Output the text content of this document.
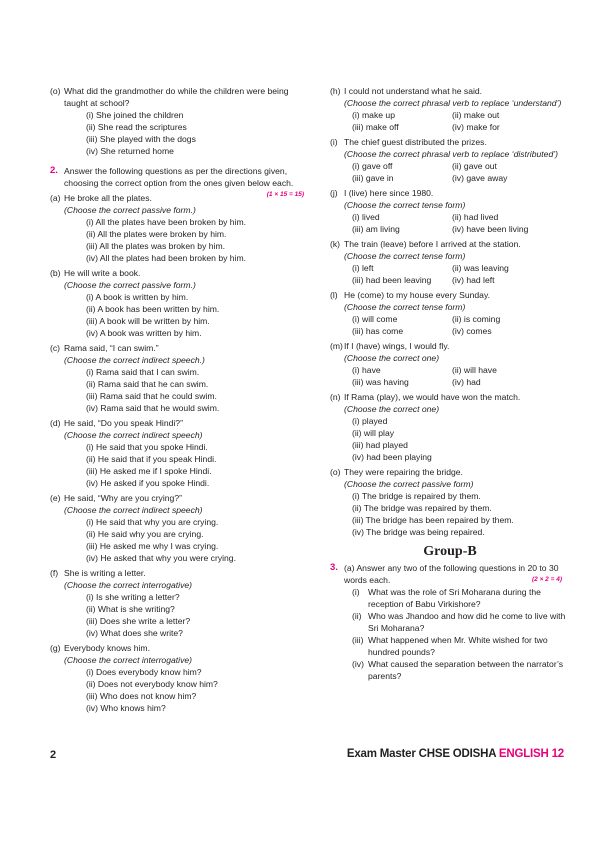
(o) What did the grandmother do while the children were being taught at school?
(i) She joined the children
(ii) She read the scriptures
(iii) She played with the dogs
(iv) She returned home
2. Answer the following questions as per the directions given, choosing the correct option from the ones given below each.
(1 × 15 = 15)
(a) He broke all the plates.
(Choose the correct passive form.)
(i) All the plates have been broken by him.
(ii) All the plates were broken by him.
(iii) All the plates was broken by him.
(iv) All the plates had been broken by him.
(b) He will write a book.
(Choose the correct passive form.)
(i) A book is written by him.
(ii) A book has been written by him.
(iii) A book will be written by him.
(iv) A book was written by him.
(c) Rama said, “I can swim.”
(Choose the correct indirect speech.)
(i) Rama said that I can swim.
(ii) Rama said that he can swim.
(iii) Rama said that he could swim.
(iv) Rama said that he would swim.
(d) He said, “Do you speak Hindi?”
(Choose the correct indirect speech)
(i) He said that you spoke Hindi.
(ii) He said that if you speak Hindi.
(iii) He asked me if I spoke Hindi.
(iv) He asked if you spoke Hindi.
(e) He said, “Why are you crying?”
(Choose the correct indirect speech)
(i) He said that why you are crying.
(ii) He said why you are crying.
(iii) He asked me why I was crying.
(iv) He asked that why you were crying.
(f) She is writing a letter.
(Choose the correct interrogative)
(i) Is she writing a letter?
(ii) What is she writing?
(iii) Does she write a letter?
(iv) What does she write?
(g) Everybody knows him.
(Choose the correct interrogative)
(i) Does everybody know him?
(ii) Does not everybody know him?
(iii) Who does not know him?
(iv) Who knows him?
(h) I could not understand what he said.
(Choose the correct phrasal verb to replace ‘understand’)
(i) make up	(ii) make out
(iii) make off	(iv) make for
(i) The chief guest distributed the prizes.
(Choose the correct phrasal verb to replace ‘distributed’)
(i) gave off	(ii) gave out
(iii) gave in	(iv) gave away
(j) I (live) here since 1980.
(Choose the correct tense form)
(i) lived	(ii) had lived
(iii) am living	(iv) have been living
(k) The train (leave) before I arrived at the station.
(Choose the correct tense form)
(i) left	(ii) was leaving
(iii) had been leaving	(iv) had left
(l) He (come) to my house every Sunday.
(Choose the correct tense form)
(i) will come	(ii) is coming
(iii) has come	(iv) comes
(m) If I (have) wings, I would fly.
(Choose the correct one)
(i) have	(ii) will have
(iii) was having	(iv) had
(n) If Rama (play), we would have won the match.
(Choose the correct one)
(i) played
(ii) will play
(iii) had played
(iv) had been playing
(o) They were repairing the bridge.
(Choose the correct passive form)
(i) The bridge is repaired by them.
(ii) The bridge was repaired by them.
(iii) The bridge has been repaired by them.
(iv) The bridge was being repaired.
Group-B
3. (a) Answer any two of the following questions in 20 to 30 words each.	(2 × 2 = 4)
(i) What was the role of Sri Moharana during the reception of Babu Virkishore?
(ii) Who was Jhandoo and how did he come to live with Sri Moharana?
(iii) What happened when Mr. White wished for two hundred pounds?
(iv) What caused the separation between the narrator’s parents?
2	Exam Master CHSE ODISHA ENGLISH 12
